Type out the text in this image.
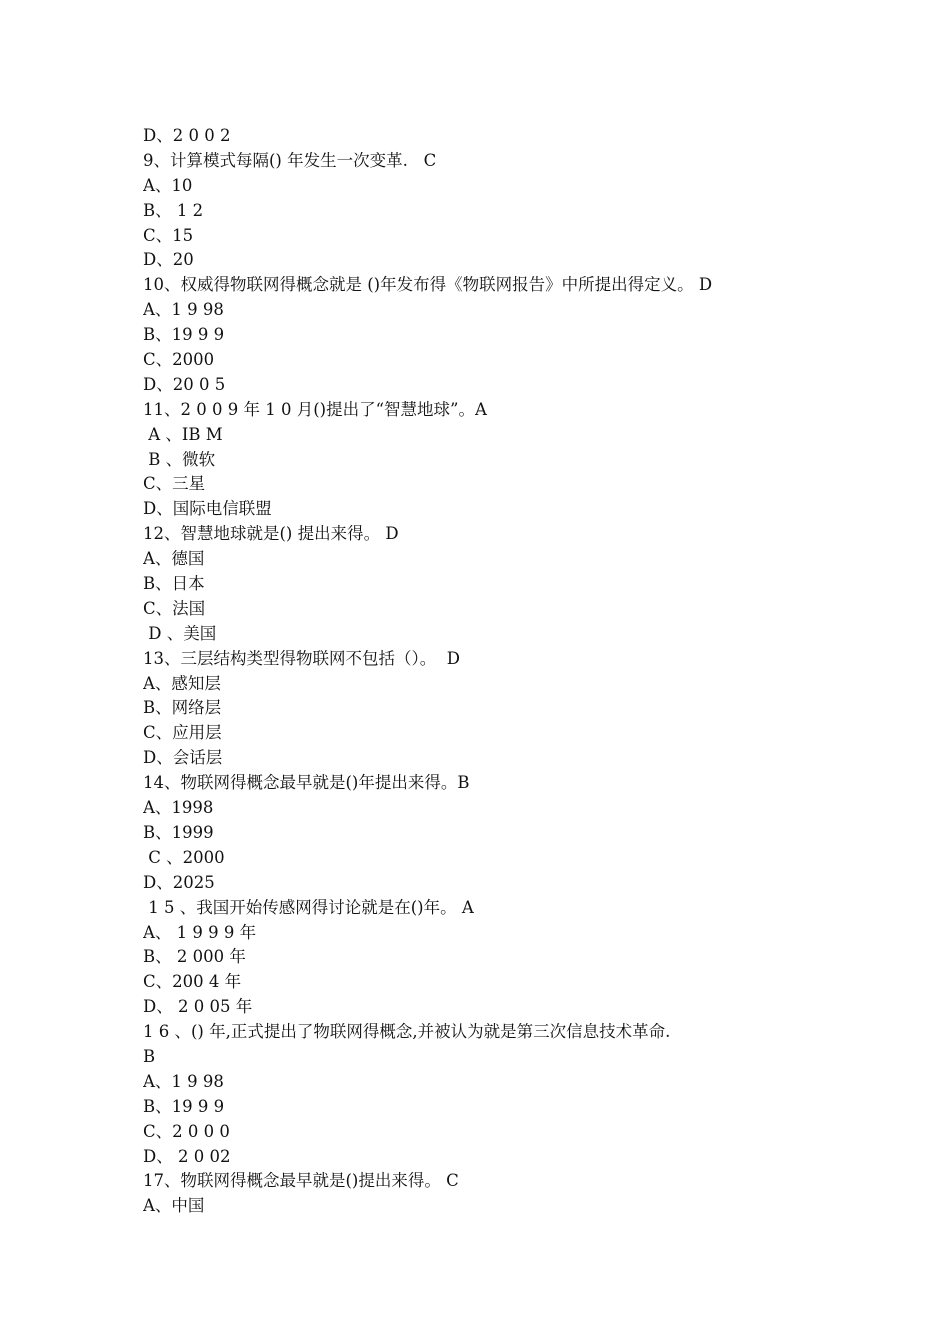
D、2 0 0 2
9、计算模式每隔() 年发生一次变革.   C
A、10
B、 1 2
C、15
D、20
10、权威得物联网得概念就是 ()年发布得《物联网报告》中所提出得定义。 D
A、1 9 98
B、19 9 9
C、2000
D、20 0 5
11、2 0 0 9 年 1 0 月()提出了“智慧地球”。A
A 、IB M
B 、微软
C、三星
D、国际电信联盟
12、智慧地球就是() 提出来得。 D
A、德国
B、日本
C、法国
D 、美国
13、三层结构类型得物联网不包括（）。  D
A、感知层
B、网络层
C、应用层
D、会话层
14、物联网得概念最早就是()年提出来得。B
A、1998
B、1999
C 、2000
D、2025
1 5 、我国开始传感网得讨论就是在()年。 A
A、 1 9 9 9 年
B、 2 000 年
C、200 4 年
D、 2 0 05 年
1 6 、() 年,正式提出了物联网得概念,并被认为就是第三次信息技术革命.
B
A、1 9 98
B、19 9 9
C、2 0 0 0
D、 2 0 02
17、物联网得概念最早就是()提出来得。 C
A、中国
